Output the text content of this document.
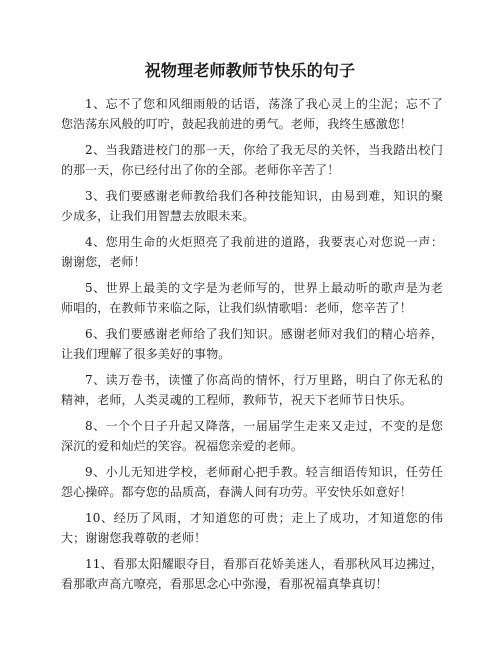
祝物理老师教师节快乐的句子

1、忘不了您和风细雨般的话语，荡涤了我心灵上的尘泥；忘不了您浩荡东风般的叮咛，鼓起我前进的勇气。老师，我终生感激您！

2、当我踏进校门的那一天，你给了我无尽的关怀，当我踏出校门的那一天，你已经付出了你的全部。老师你辛苦了！

3、我们要感谢老师教给我们各种技能知识，由易到难，知识的聚少成多，让我们用智慧去放眼未来。

4、您用生命的火炬照亮了我前进的道路，我要衷心对您说一声：谢谢您，老师！

5、世界上最美的文字是为老师写的，世界上最动听的歌声是为老师唱的，在教师节来临之际，让我们纵情歌唱：老师，您辛苦了！

6、我们要感谢老师给了我们知识。感谢老师对我们的精心培养，让我们理解了很多美好的事物。

7、读万卷书，读懂了你高尚的情怀，行万里路，明白了你无私的精神，老师，人类灵魂的工程师，教师节，祝天下老师节日快乐。

8、一个个日子升起又降落，一届届学生走来又走过，不变的是您深沉的爱和灿烂的笑容。祝福您亲爱的老师。

9、小儿无知进学校，老师耐心把手教。轻言细语传知识，任劳任怨心操碎。都夸您的品质高，春满人间有功劳。平安快乐如意好！

10、经历了风雨，才知道您的可贵；走上了成功，才知道您的伟大；谢谢您我尊敬的老师！

11、看那太阳耀眼夺目，看那百花娇美迷人，看那秋风耳边拂过，看那歌声高亢嘹亮，看那思念心中弥漫，看那祝福真挚真切！
